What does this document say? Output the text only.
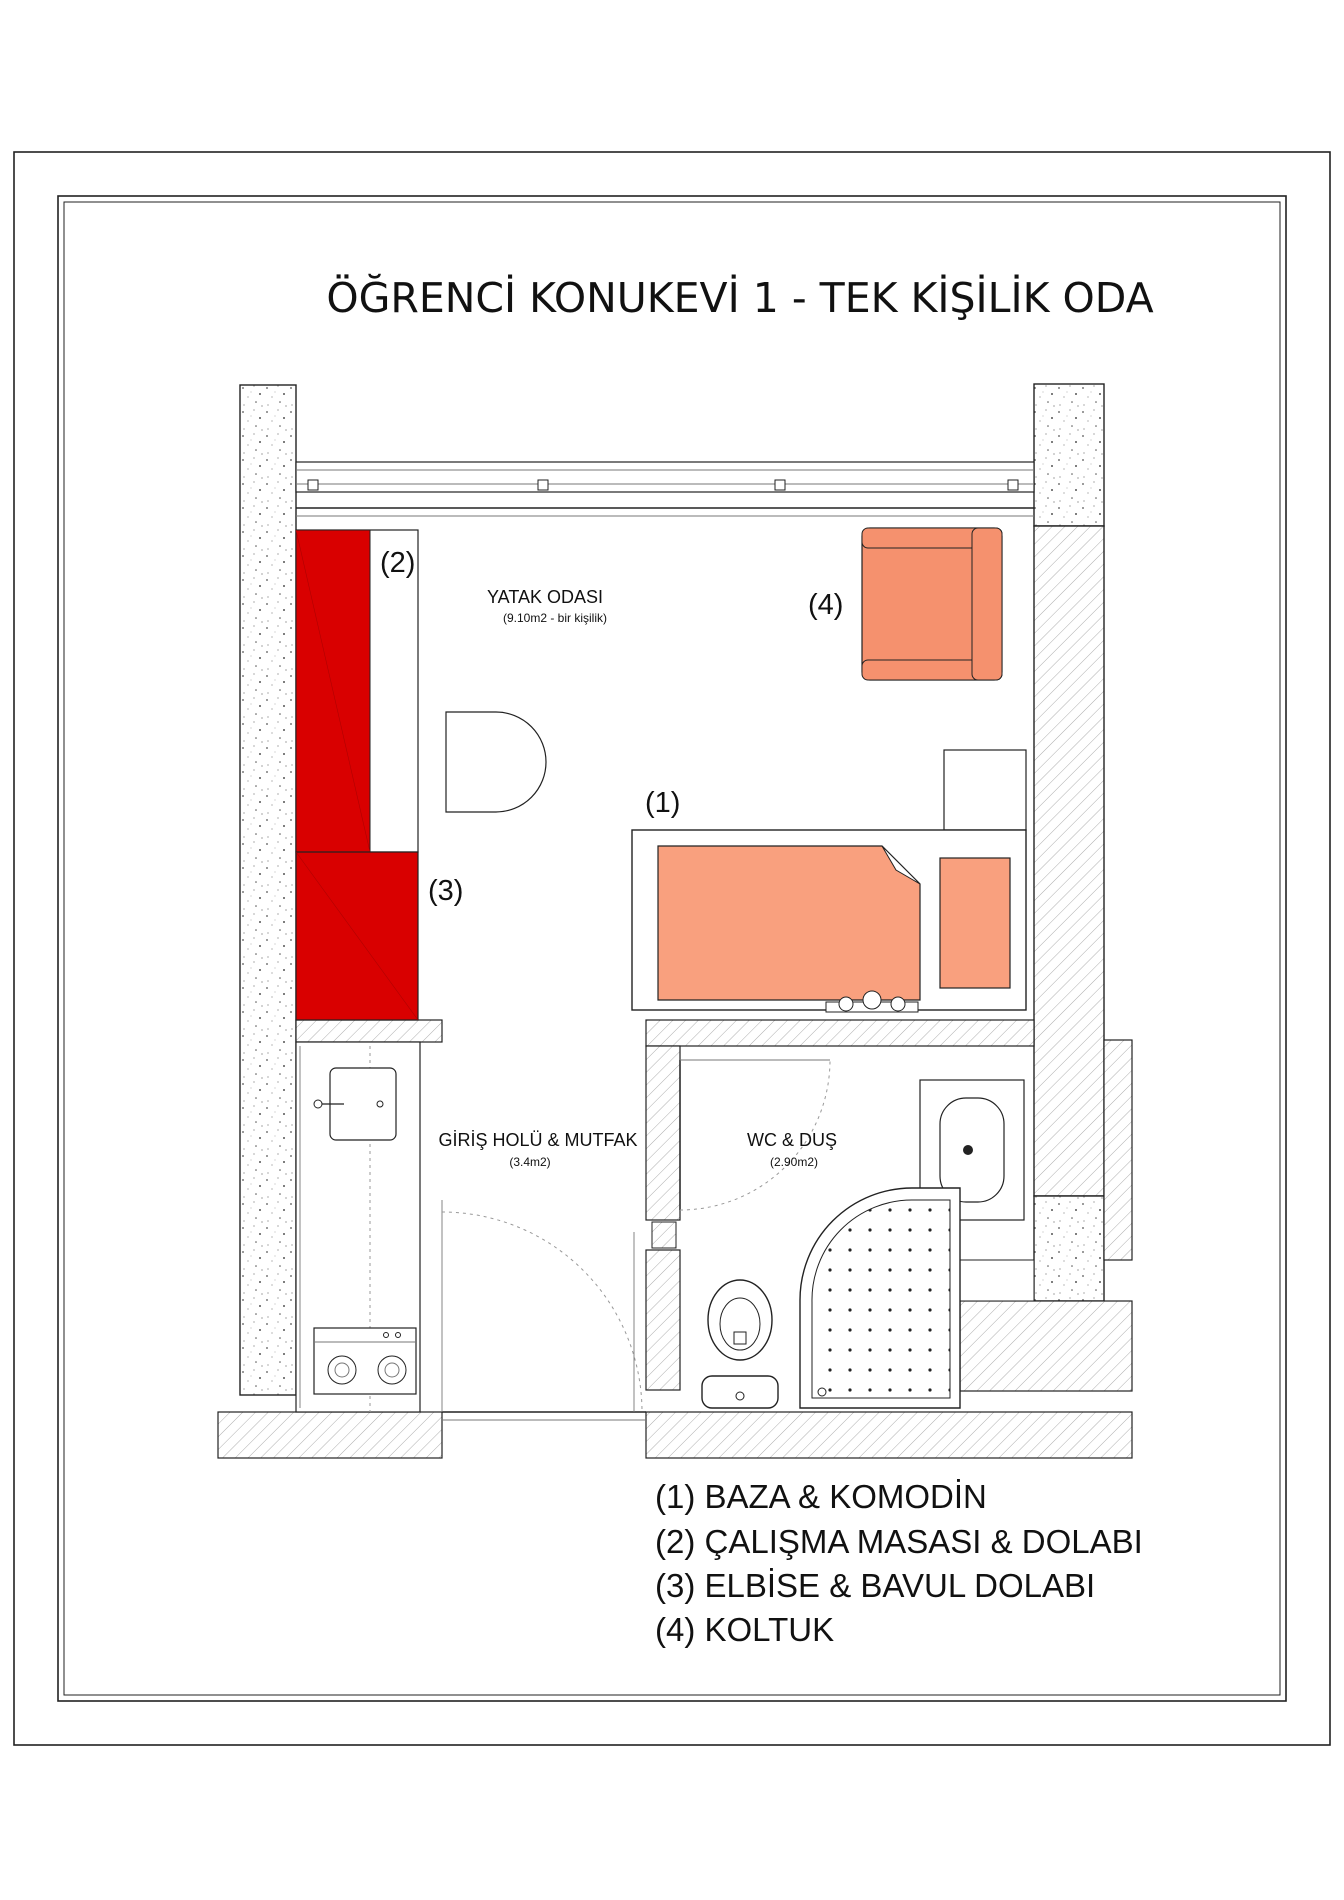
ÖĞRENCİ KONUKEVİ 1 - TEK KİŞİLİK ODA
YATAK ODASI
(9.10m2 - bir kişilik)
GİRİŞ HOLÜ & MUTFAK
(3.4m2)
WC & DUŞ
(2.90m2)
(2)
(4)
(1)
(3)
(1) BAZA & KOMODİN
(2) ÇALIŞMA MASASI & DOLABI
(3) ELBİSE & BAVUL DOLABI
(4) KOLTUK
